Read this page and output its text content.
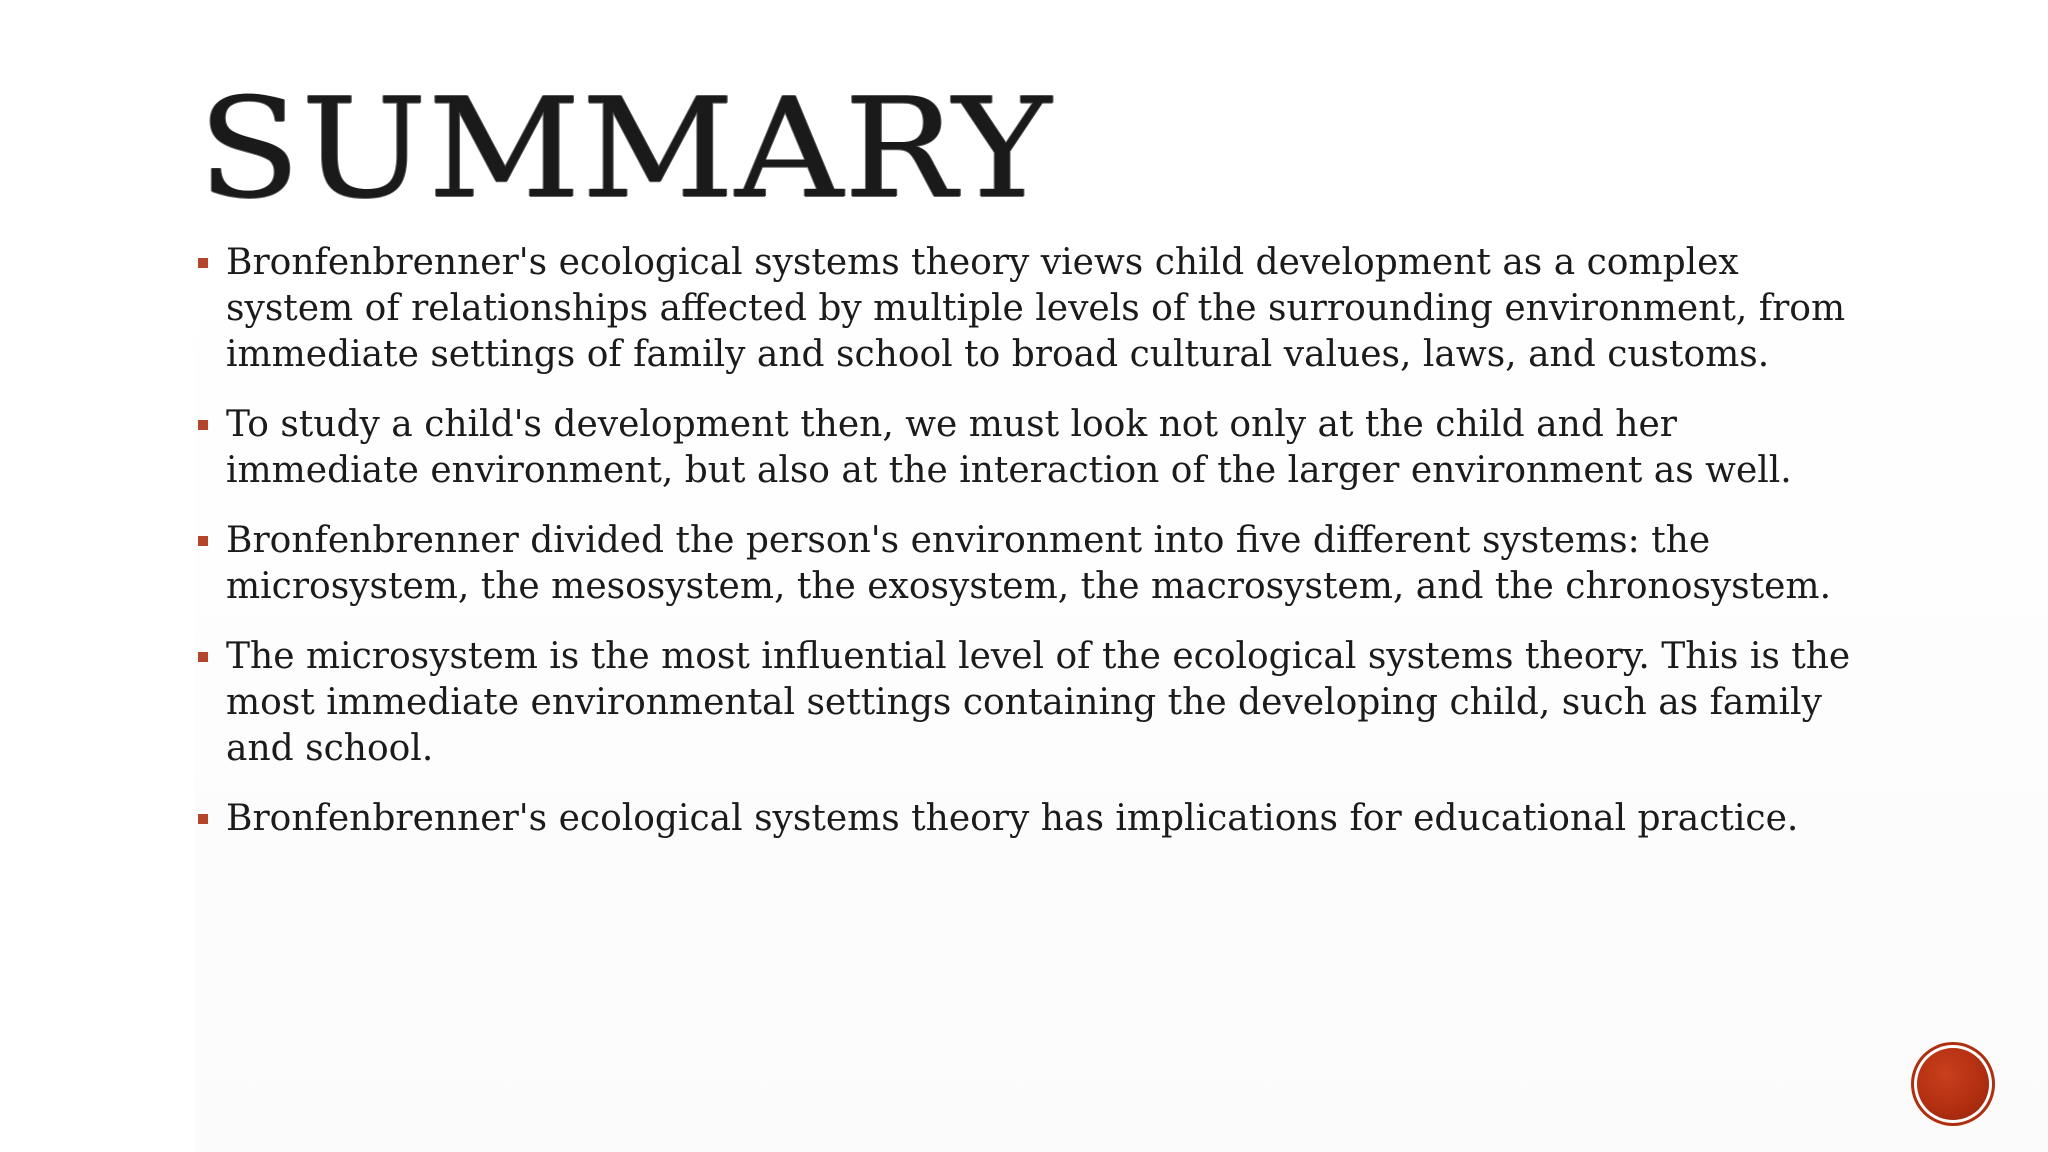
SUMMARY
Bronfenbrenner's ecological systems theory views child development as a complex system of relationships affected by multiple levels of the surrounding environment, from immediate settings of family and school to broad cultural values, laws, and customs.
To study a child's development then, we must look not only at the child and her immediate environment, but also at the interaction of the larger environment as well.
Bronfenbrenner divided the person's environment into five different systems: the microsystem, the mesosystem, the exosystem, the macrosystem, and the chronosystem.
The microsystem is the most influential level of the ecological systems theory. This is the most immediate environmental settings containing the developing child, such as family and school.
Bronfenbrenner's ecological systems theory has implications for educational practice.
